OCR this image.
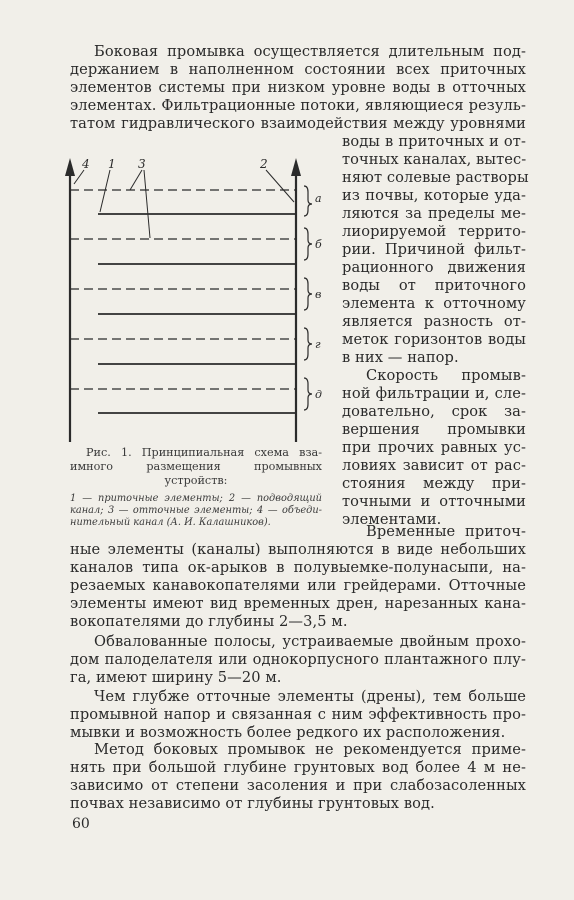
Боковая промывка осуществляется длительным под-
держанием в наполненном состоянии всех приточных
элементов системы при низком уровне воды в отточных
элементах. Фильтрационные потоки, являющиеся резуль-
татом гидравлического взаимодействия между уровнями
воды в приточных и от-
точных каналах, вытес-
няют солевые растворы
из почвы, которые уда-
ляются за пределы ме-
лиорируемой террито-
рии. Причиной фильт-
рационного движения
воды от приточного
элемента к отточному
является разность от-
меток горизонтов воды
в них — напор.
Скорость промыв-
ной фильтрации и, сле-
довательно, срок за-
вершения промывки
при прочих равных ус-
ловиях зависит от рас-
стояния между при-
точными и отточными
элементами.
4 1 3	2
а
б
в
г
д
Рис. 1. Принципиальная схема вза-
имного размещения промывных
устройств:
1 — приточные элементы; 2 — подводящий
канал; 3 — отточные элементы; 4 — объеди-
нительный канал (А. И. Калашников).
Временные приточ-
ные элементы (каналы) выполняются в виде небольших
каналов типа ок-арыков в полувыемке-полунасыпи, на-
резаемых канавокопателями или грейдерами. Отточные
элементы имеют вид временных дрен, нарезанных кана-
вокопателями до глубины 2—3,5 м.
Обвалованные полосы, устраиваемые двойным прохо-
дом палоделателя или однокорпусного плантажного плу-
га, имеют ширину 5—20 м.
Чем глубже отточные элементы (дрены), тем больше
промывной напор и связанная с ним эффективность про-
мывки и возможность более редкого их расположения.
Метод боковых промывок не рекомендуется приме-
нять при большой глубине грунтовых вод более 4 м не-
зависимо от степени засоления и при слабозасоленных
почвах независимо от глубины грунтовых вод.
60
